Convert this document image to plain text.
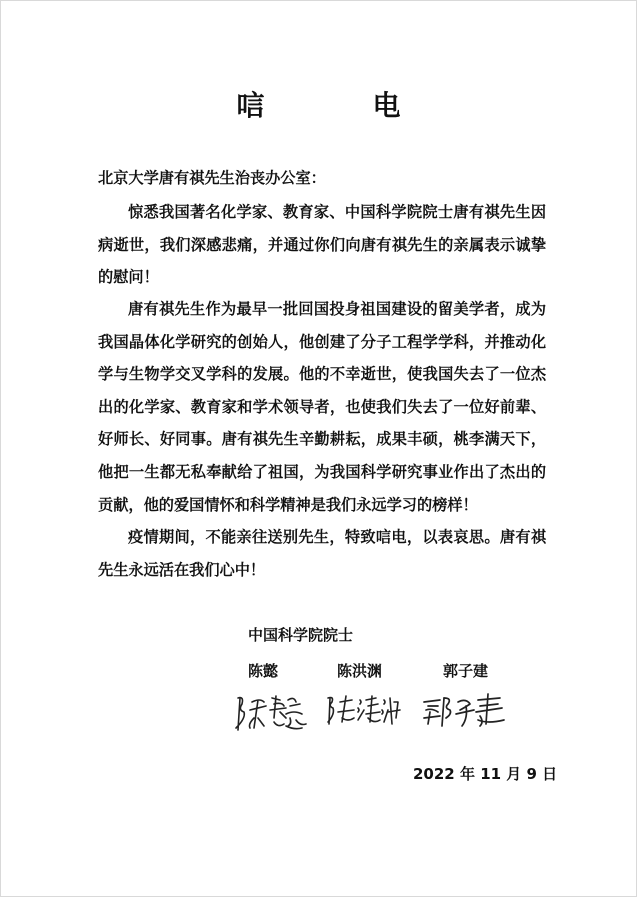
唁　电
北京大学唐有祺先生治丧办公室：
惊悉我国著名化学家、教育家、中国科学院院士唐有祺先生因病逝世，我们深感悲痛，并通过你们向唐有祺先生的亲属表示诚挚的慰问！
唐有祺先生作为最早一批回国投身祖国建设的留美学者，成为我国晶体化学研究的创始人，他创建了分子工程学学科，并推动化学与生物学交叉学科的发展。他的不幸逝世，使我国失去了一位杰出的化学家、教育家和学术领导者，也使我们失去了一位好前辈、好师长、好同事。唐有祺先生辛勤耕耘，成果丰硕，桃李满天下，他把一生都无私奉献给了祖国，为我国科学研究事业作出了杰出的贡献，他的爱国情怀和科学精神是我们永远学习的榜样！
疫情期间，不能亲往送别先生，特致唁电，以表哀思。唐有祺先生永远活在我们心中！
中国科学院院士
陈懿	陈洪渊	郭子建
2022 年 11 月 9 日
